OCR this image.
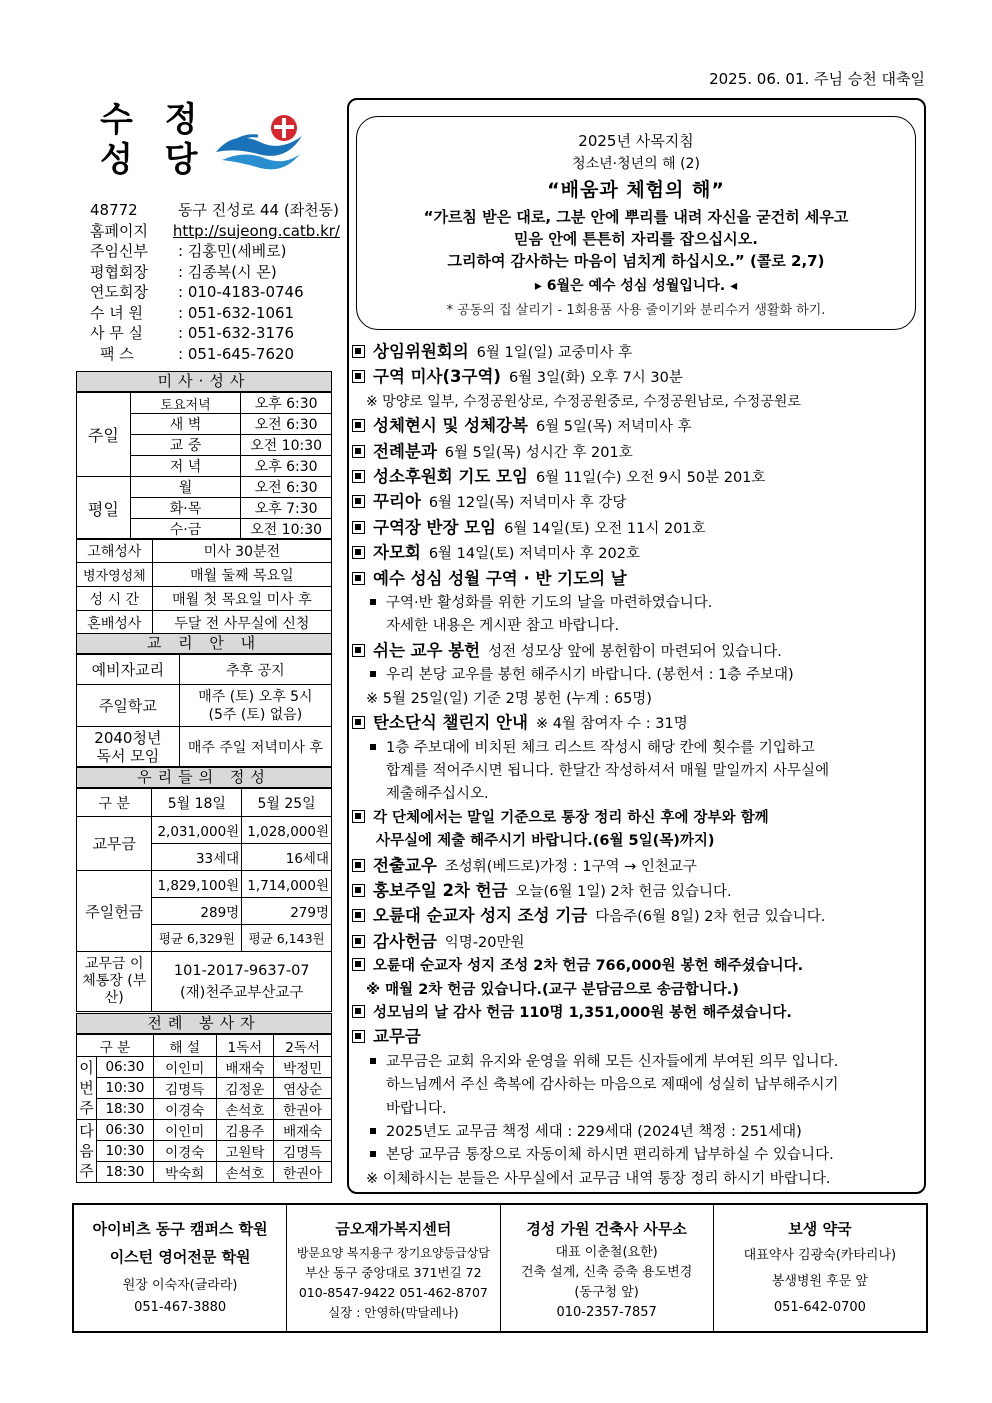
2025. 06. 01. 주님 승천 대축일
수 정
성 당
48772	동구 진성로 44 (좌천동)
홈페이지	http://sujeong.catb.kr/
주임신부	: 김홍민(세베로)
평협회장	: 김종복(시 몬)
연도회장	: 010-4183-0746
수 녀 원	: 051-632-1061
사 무 실	: 051-632-3176
팩 스	: 051-645-7620
미사·성사
주일	토요저녁	오후 6:30
	새 벽	오전 6:30
	교 중	오전 10:30
	저 녁	오후 6:30
평일	월	오전 6:30
	화·목	오후 7:30
	수·금	오전 10:30
고해성사	미사 30분전
병자영성체	매월 둘째 목요일
성 시 간	매월 첫 목요일 미사 후
혼배성사	두달 전 사무실에 신청
교 리 안 내
예비자교리	추후 공지
주일학교	매주 (토) 오후 5시 (5주 (토) 없음)
2040청년 독서 모임	매주 주일 저녁미사 후
우리들의 정성
구 분	5월 18일	5월 25일
교무금	2,031,000원	1,028,000원
	33세대	16세대
주일헌금	1,829,100원	1,714,000원
	289명	279명
	평균 6,329원	평균 6,143원
교무금 이체통장 (부산)	101-2017-9637-07
(재)천주교부산교구	
전례 봉사자
구 분		해 설	1독서	2독서
이번주	06:30	이인미	배재숙	박정민
	10:30	김명득	김정운	염상순
	18:30	이경숙	손석호	한권아
다음주	06:30	이인미	김용주	배재숙
	10:30	이경숙	고원탁	김명득
	18:30	박숙희	손석호	한권아
2025년 사목지침
청소년·청년의 해 (2)
“배움과 체험의 해”
“가르침 받은 대로, 그분 안에 뿌리를 내려 자신을 굳건히 세우고
믿음 안에 튼튼히 자리를 잡으십시오.
그리하여 감사하는 마음이 넘치게 하십시오.” (콜로 2,7)
▸ 6월은 예수 성심 성월입니다. ◂
* 공동의 집 살리기 - 1회용품 사용 줄이기와 분리수거 생활화 하기.
상임위원회의 6월 1일(일) 교중미사 후
구역 미사(3구역) 6월 3일(화) 오후 7시 30분
※ 망양로 일부, 수정공원상로, 수정공원중로, 수정공원남로, 수정공원로
성체현시 및 성체강복 6월 5일(목) 저녁미사 후
전례분과 6월 5일(목) 성시간 후 201호
성소후원회 기도 모임 6월 11일(수) 오전 9시 50분 201호
꾸리아 6월 12일(목) 저녁미사 후 강당
구역장 반장 모임 6월 14일(토) 오전 11시 201호
자모회 6월 14일(토) 저녁미사 후 202호
예수 성심 성월 구역 · 반 기도의 날
구역·반 활성화를 위한 기도의 날을 마련하였습니다.
자세한 내용은 게시판 참고 바랍니다.
쉬는 교우 봉헌 성전 성모상 앞에 봉헌함이 마련되어 있습니다.
우리 본당 교우를 봉헌 해주시기 바랍니다. (봉헌서 : 1층 주보대)
※ 5월 25일(일) 기준 2명 봉헌 (누계 : 65명)
탄소단식 챌린지 안내 ※ 4월 참여자 수 : 31명
1층 주보대에 비치된 체크 리스트 작성시 해당 칸에 횟수를 기입하고
합계를 적어주시면 됩니다. 한달간 작성하셔서 매월 말일까지 사무실에
제출해주십시오.
각 단체에서는 말일 기준으로 통장 정리 하신 후에 장부와 함께
사무실에 제출 해주시기 바랍니다.(6월 5일(목)까지)
전출교우 조성휘(베드로)가정 : 1구역 → 인천교구
홍보주일 2차 헌금 오늘(6월 1일) 2차 헌금 있습니다.
오륜대 순교자 성지 조성 기금 다음주(6월 8일) 2차 헌금 있습니다.
감사헌금 익명-20만원
오륜대 순교자 성지 조성 2차 헌금 766,000원 봉헌 해주셨습니다.
※ 매월 2차 헌금 있습니다.(교구 분담금으로 송금합니다.)
성모님의 날 감사 헌금 110명 1,351,000원 봉헌 해주셨습니다.
교무금
교무금은 교회 유지와 운영을 위해 모든 신자들에게 부여된 의무 입니다.
하느님께서 주신 축복에 감사하는 마음으로 제때에 성실히 납부해주시기
바랍니다.
2025년도 교무금 책정 세대 : 229세대 (2024년 책정 : 251세대)
본당 교무금 통장으로 자동이체 하시면 편리하게 납부하실 수 있습니다.
※ 이체하시는 분들은 사무실에서 교무금 내역 통장 정리 하시기 바랍니다.
아이비츠 동구 캠퍼스 학원
이스턴 영어전문 학원
원장 이숙자(글라라)
051-467-3880
금오재가복지센터
방문요양 복지용구 장기요양등급상담
부산 동구 중앙대로 371번길 72
010-8547-9422 051-462-8707
실장 : 안영하(막달레나)
경성 가원 건축사 사무소
대표 이춘철(요한)
건축 설계, 신축 증축 용도변경
(동구청 앞)
010-2357-7857
보생 약국
대표약사 김광숙(카타리나)
봉생병원 후문 앞
051-642-0700
